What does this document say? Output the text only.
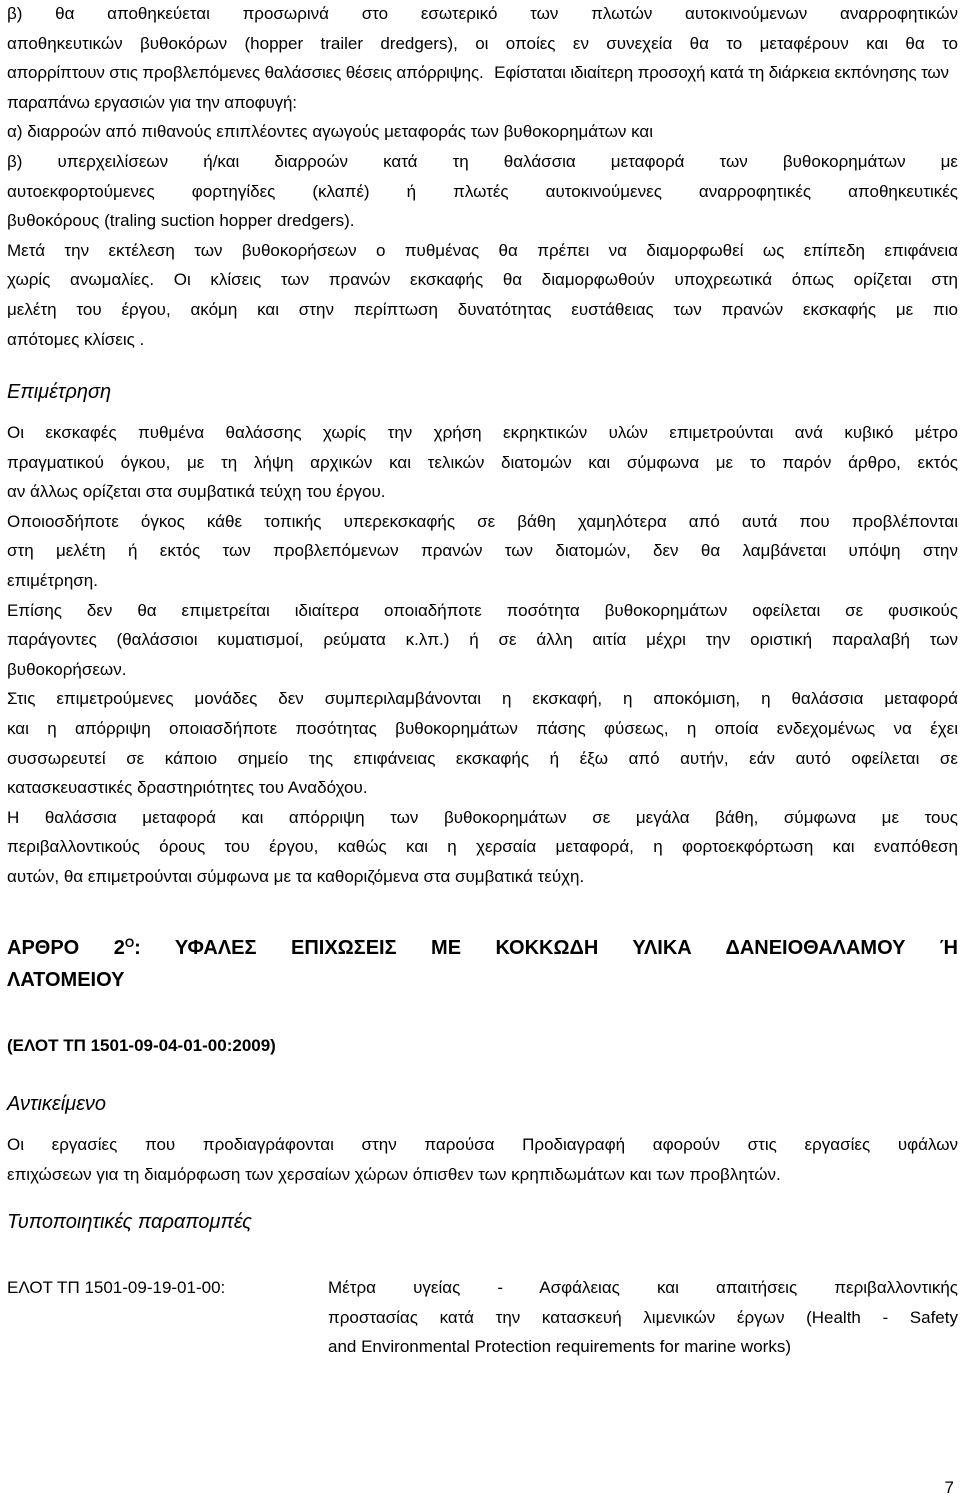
β) θα αποθηκεύεται προσωρινά στο εσωτερικό των πλωτών αυτοκινούμενων αναρροφητικών
αποθηκευτικών βυθοκόρων (hopper trailer dredgers), οι οποίες εν συνεχεία θα το μεταφέρουν και θα το
απορρίπτουν στις προβλεπόμενες θαλάσσιες θέσεις απόρριψης. Εφίσταται ιδιαίτερη προσοχή κατά τη διάρκεια εκπόνησης των παραπάνω εργασιών για την αποφυγή:
α) διαρροών από πιθανούς επιπλέοντες αγωγούς μεταφοράς των βυθοκορημάτων και
β) υπερχειλίσεων ή/και διαρροών κατά τη θαλάσσια μεταφορά των βυθοκορημάτων με
αυτοεκφορτούμενες φορτηγίδες (κλαπέ) ή πλωτές αυτοκινούμενες αναρροφητικές αποθηκευτικές
βυθοκόρους (traling suction hopper dredgers).
Μετά την εκτέλεση των βυθοκορήσεων ο πυθμένας θα πρέπει να διαμορφωθεί ως επίπεδη επιφάνεια
χωρίς ανωμαλίες. Οι κλίσεις των πρανών εκσκαφής θα διαμορφωθούν υποχρεωτικά όπως ορίζεται στη
μελέτη του έργου, ακόμη και στην περίπτωση δυνατότητας ευστάθειας των πρανών εκσκαφής με πιο
απότομες κλίσεις .
Επιμέτρηση
Οι εκσκαφές πυθμένα θαλάσσης χωρίς την χρήση εκρηκτικών υλών επιμετρούνται ανά κυβικό μέτρο
πραγματικού όγκου, με τη λήψη αρχικών και τελικών διατομών και σύμφωνα με το παρόν άρθρο, εκτός
αν άλλως ορίζεται στα συμβατικά τεύχη του έργου.
Οποιοσδήποτε όγκος κάθε τοπικής υπερεκσκαφής σε βάθη χαμηλότερα από αυτά που προβλέπονται
στη μελέτη ή εκτός των προβλεπόμενων πρανών των διατομών, δεν θα λαμβάνεται υπόψη στην
επιμέτρηση.
Επίσης δεν θα επιμετρείται ιδιαίτερα οποιαδήποτε ποσότητα βυθοκορημάτων οφείλεται σε φυσικούς
παράγοντες (θαλάσσιοι κυματισμοί, ρεύματα κ.λπ.) ή σε άλλη αιτία μέχρι την οριστική παραλαβή των
βυθοκορήσεων.
Στις επιμετρούμενες μονάδες δεν συμπεριλαμβάνονται η εκσκαφή, η αποκόμιση, η θαλάσσια μεταφορά
και η απόρριψη οποιασδήποτε ποσότητας βυθοκορημάτων πάσης φύσεως, η οποία ενδεχομένως να έχει
συσσωρευτεί σε κάποιο σημείο της επιφάνειας εκσκαφής ή έξω από αυτήν, εάν αυτό οφείλεται σε
κατασκευαστικές δραστηριότητες του Αναδόχου.
Η θαλάσσια μεταφορά και απόρριψη των βυθοκορημάτων σε μεγάλα βάθη, σύμφωνα με τους
περιβαλλοντικούς όρους του έργου, καθώς και η χερσαία μεταφορά, η φορτοεκφόρτωση και εναπόθεση
αυτών, θα επιμετρούνται σύμφωνα με τα καθοριζόμενα στα συμβατικά τεύχη.
ΑΡΘΡΟ $2^O$: ΥΦΑΛΕΣ ΕΠΙΧΩΣΕΙΣ ΜΕ ΚΟΚΚΩΔΗ ΥΛΙΚΑ ΔΑΝΕΙΟΘΑΛΑΜΟΥ Ή
ΛΑΤΟΜΕΙΟΥ
(ΕΛΟΤ ΤΠ 1501-09-04-01-00:2009)
Αντικείμενο
Οι εργασίες που προδιαγράφονται στην παρούσα Προδιαγραφή αφορούν στις εργασίες υφάλων
επιχώσεων για τη διαμόρφωση των χερσαίων χώρων όπισθεν των κρηπιδωμάτων και των προβλητών.
Τυποποιητικές παραπομπές
ΕΛΟΤ ΤΠ 1501-09-19-01-00:	Μέτρα υγείας - Ασφάλειας και απαιτήσεις περιβαλλοντικής
προστασίας κατά την κατασκευή λιμενικών έργων (Health - Safety
and Environmental Protection requirements for marine works)
7
